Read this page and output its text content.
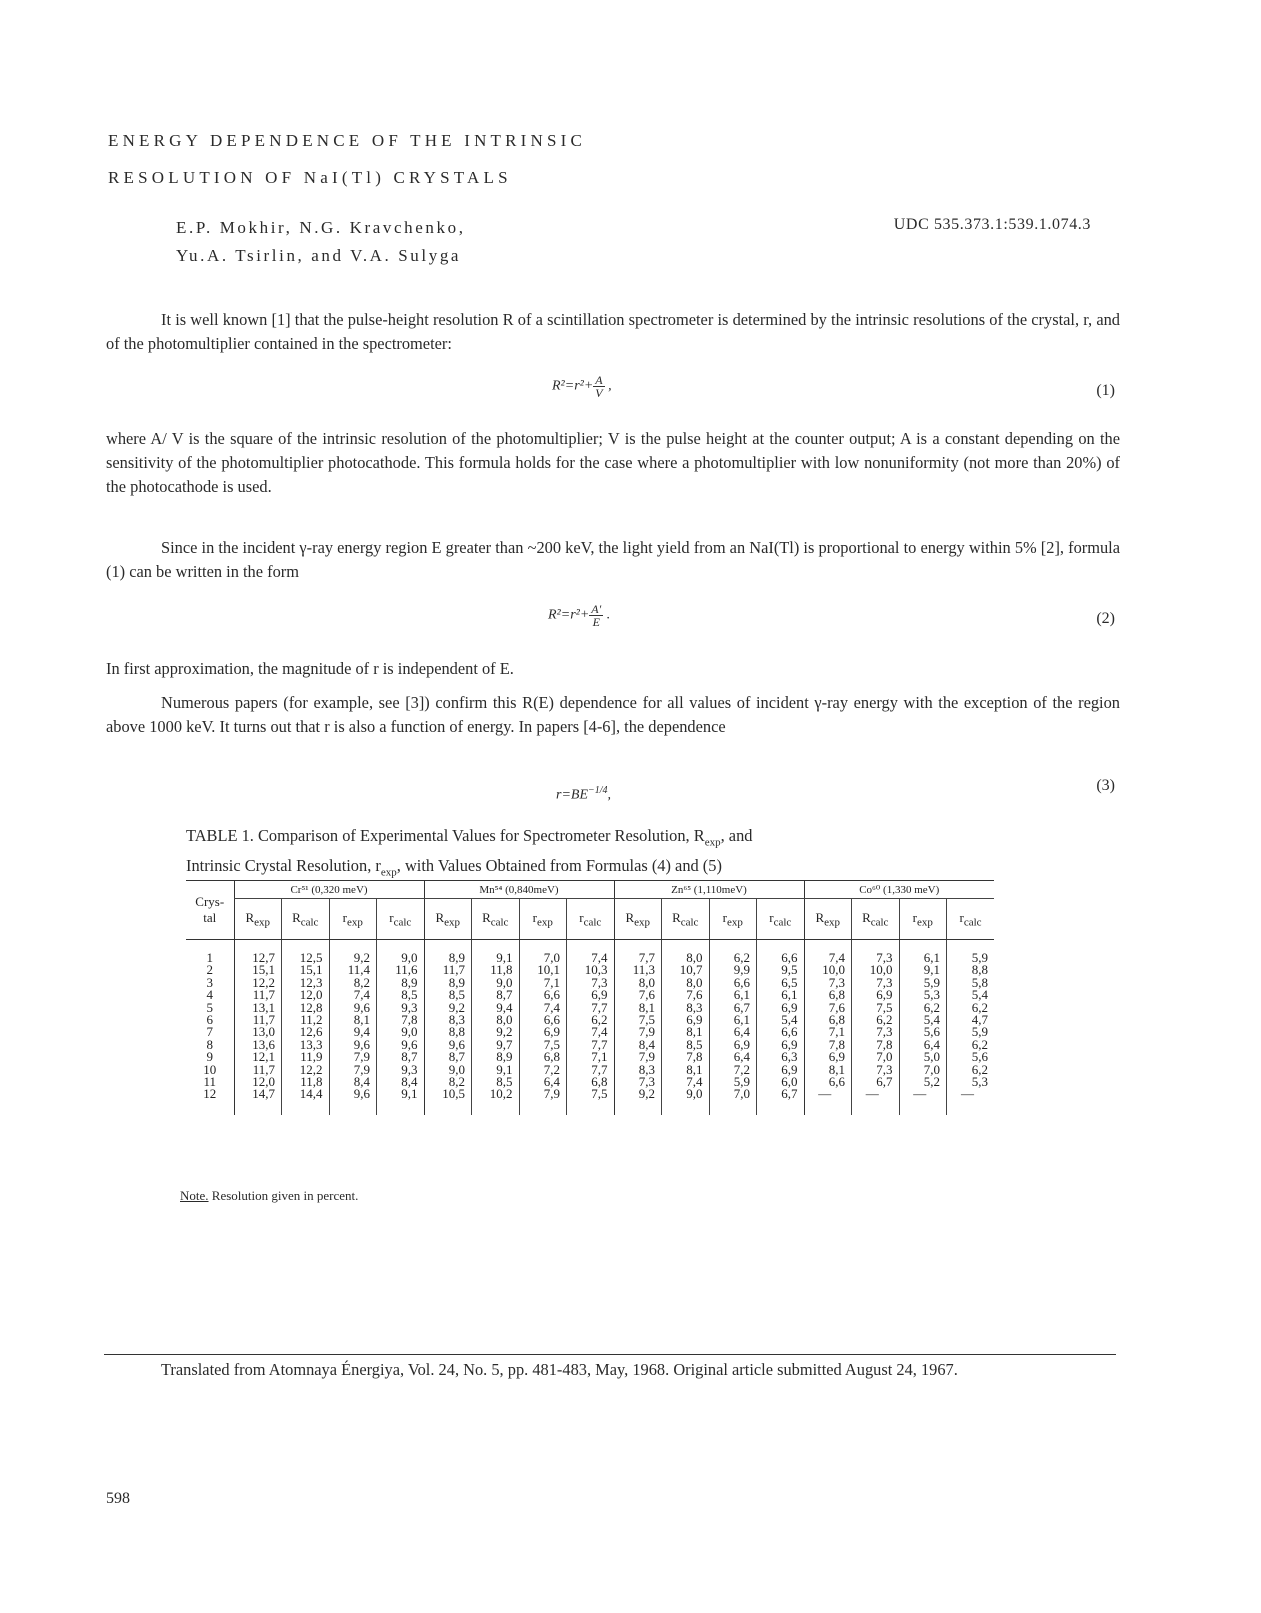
ENERGY DEPENDENCE OF THE INTRINSIC
RESOLUTION OF NaI(Tl) CRYSTALS
E.P. Mokhir, N.G. Kravchenko,
Yu.A. Tsirlin, and V.A. Sulyga
UDC 535.373.1:539.1.074.3

It is well known [1] that the pulse-height resolution R of a scintillation spectrometer is determined by the intrinsic resolutions of the crystal, r, and of the photomultiplier contained in the spectrometer:

$R^2=r^2+ \frac{A}{V}$ ,	(1)

where A/ V is the square of the intrinsic resolution of the photomultiplier; V is the pulse height at the counter output; A is a constant depending on the sensitivity of the photomultiplier photocathode. This formula holds for the case where a photomultiplier with low nonuniformity (not more than 20%) of the photocathode is used.

Since in the incident γ-ray energy region E greater than ~200 keV, the light yield from an NaI(Tl) is proportional to energy within 5% [2], formula (1) can be written in the form

$R^2=r^2+ \frac{A'}{E}$ .	(2)

In first approximation, the magnitude of r is independent of E.

Numerous papers (for example, see [3]) confirm this R(E) dependence for all values of incident γ-ray energy with the exception of the region above 1000 keV. It turns out that r is also a function of energy. In papers [4-6], the dependence

$r=BE^{-1/4}$,
(3)
TABLE 1. Comparison of Experimental Values for Spectrometer Resolution, $R_{exp}$, and
Intrinsic Crystal Resolution, $r_{exp}$, with Values Obtained from Formulas (4) and (5)
Crys-
tal	Cr⁵¹ (0,320 meV)				Mn⁵⁴ (0,840meV)				Zn⁶⁵ (1,110meV)				Co⁶⁰ (1,330 meV)			
	$R_{exp}$	$R_{calc}$	$r_{exp}$	$r_{calc}$	$R_{exp}$	$R_{calc}$	$r_{exp}$	$r_{calc}$	$R_{exp}$	$R_{calc}$	$r_{exp}$	$r_{calc}$	$R_{exp}$	$R_{calc}$	$r_{exp}$	$r_{calc}$

1	12,7	12,5	9,2	9,0	8,9	9,1	7,0	7,4	7,7	8,0	6,2	6,6	7,4	7,3	6,1	5,9
2	15,1	15,1	11,4	11,6	11,7	11,8	10,1	10,3	11,3	10,7	9,9	9,5	10,0	10,0	9,1	8,8
3	12,2	12,3	8,2	8,9	8,9	9,0	7,1	7,3	8,0	8,0	6,6	6,5	7,3	7,3	5,9	5,8
4	11,7	12,0	7,4	8,5	8,5	8,7	6,6	6,9	7,6	7,6	6,1	6,1	6,8	6,9	5,3	5,4
5	13,1	12,8	9,6	9,3	9,2	9,4	7,4	7,7	8,1	8,3	6,7	6,9	7,6	7,5	6,2	6,2
6	11,7	11,2	8,1	7,8	8,3	8,0	6,6	6,2	7,5	6,9	6,1	5,4	6,8	6,2	5,4	4,7
7	13,0	12,6	9,4	9,0	8,8	9,2	6,9	7,4	7,9	8,1	6,4	6,6	7,1	7,3	5,6	5,9
8	13,6	13,3	9,6	9,6	9,6	9,7	7,5	7,7	8,4	8,5	6,9	6,9	7,8	7,8	6,4	6,2
9	12,1	11,9	7,9	8,7	8,7	8,9	6,8	7,1	7,9	7,8	6,4	6,3	6,9	7,0	5,0	5,6
10	11,7	12,2	7,9	9,3	9,0	9,1	7,2	7,7	8,3	8,1	7,2	6,9	8,1	7,3	7,0	6,2
11	12,0	11,8	8,4	8,4	8,2	8,5	6,4	6,8	7,3	7,4	5,9	6,0	6,6	6,7	5,2	5,3
12	14,7	14,4	9,6	9,1	10,5	10,2	7,9	7,5	9,2	9,0	7,0	6,7	—	—	—	—

Note. Resolution given in percent.

Translated from Atomnaya Énergiya, Vol. 24, No. 5, pp. 481-483, May, 1968. Original article submitted August 24, 1967.

598
